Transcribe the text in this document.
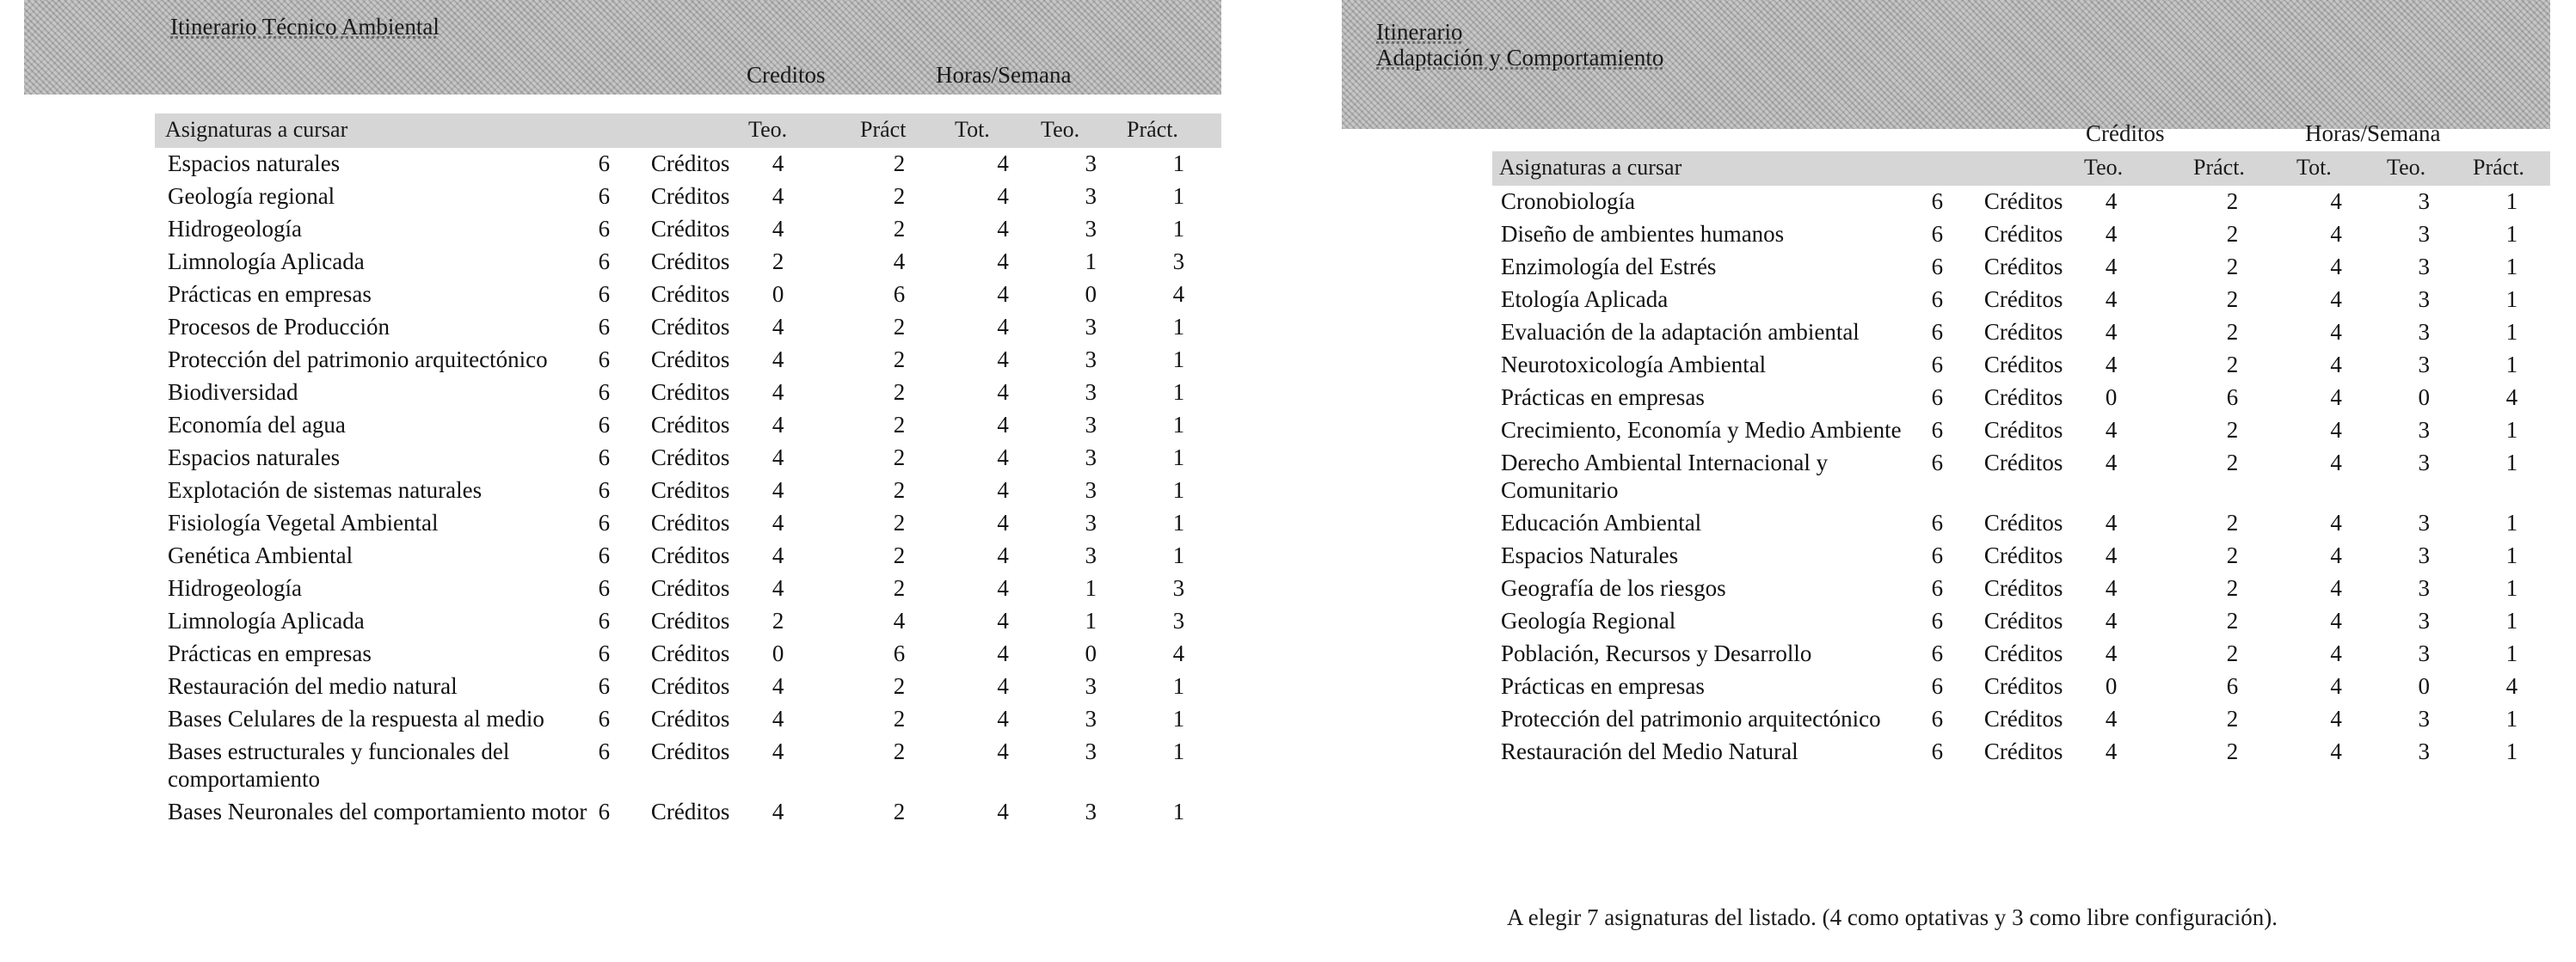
Itinerario Técnico Ambiental
Creditos	Horas/Semana
Asignaturas a cursar	Teo.	Práct Tot. Teo. Práct.
Espacios naturales	6	Créditos	4	2	4	3	1
Geología regional	6	Créditos	4	2	4	3	1
Hidrogeología	6	Créditos	4	2	4	3	1
Limnología Aplicada	6	Créditos	2	4	4	1	3
Prácticas en empresas	6	Créditos	0	6	4	0	4
Procesos de Producción	6	Créditos	4	2	4	3	1
Protección del patrimonio arquitectónico	6	Créditos	4	2	4	3	1
Biodiversidad	6	Créditos	4	2	4	3	1
Economía del agua	6	Créditos	4	2	4	3	1
Espacios naturales	6	Créditos	4	2	4	3	1
Explotación de sistemas naturales	6	Créditos	4	2	4	3	1
Fisiología Vegetal Ambiental	6	Créditos	4	2	4	3	1
Genética Ambiental	6	Créditos	4	2	4	3	1
Hidrogeología	6	Créditos	4	2	4	1	3
Limnología Aplicada	6	Créditos	2	4	4	1	3
Prácticas en empresas	6	Créditos	0	6	4	0	4
Restauración del medio natural	6	Créditos	4	2	4	3	1
Bases Celulares de la respuesta al medio	6	Créditos	4	2	4	3	1
Bases estructurales y funcionales del comportamiento	6	Créditos	4	2	4	3	1
Bases Neuronales del comportamiento motor	6	Créditos	4	2	4	3	1
Itinerario
Adaptación y Comportamiento
Créditos	Horas/Semana
Asignaturas a cursar	Teo.	Práct. Tot. Teo. Práct.
Cronobiología	6	Créditos	4	2	4	3	1
Diseño de ambientes humanos	6	Créditos	4	2	4	3	1
Enzimología del Estrés	6	Créditos	4	2	4	3	1
Etología Aplicada	6	Créditos	4	2	4	3	1
Evaluación de la adaptación ambiental	6	Créditos	4	2	4	3	1
Neurotoxicología Ambiental	6	Créditos	4	2	4	3	1
Prácticas en empresas	6	Créditos	0	6	4	0	4
Crecimiento, Economía y Medio Ambiente	6	Créditos	4	2	4	3	1
Derecho Ambiental Internacional y Comunitario	6	Créditos	4	2	4	3	1
Educación Ambiental	6	Créditos	4	2	4	3	1
Espacios Naturales	6	Créditos	4	2	4	3	1
Geografía de los riesgos	6	Créditos	4	2	4	3	1
Geología Regional	6	Créditos	4	2	4	3	1
Población, Recursos y Desarrollo	6	Créditos	4	2	4	3	1
Prácticas en empresas	6	Créditos	0	6	4	0	4
Protección del patrimonio arquitectónico	6	Créditos	4	2	4	3	1
Restauración del Medio Natural	6	Créditos	4	2	4	3	1
A elegir 7 asignaturas del listado. (4 como optativas y 3 como libre configuración).
